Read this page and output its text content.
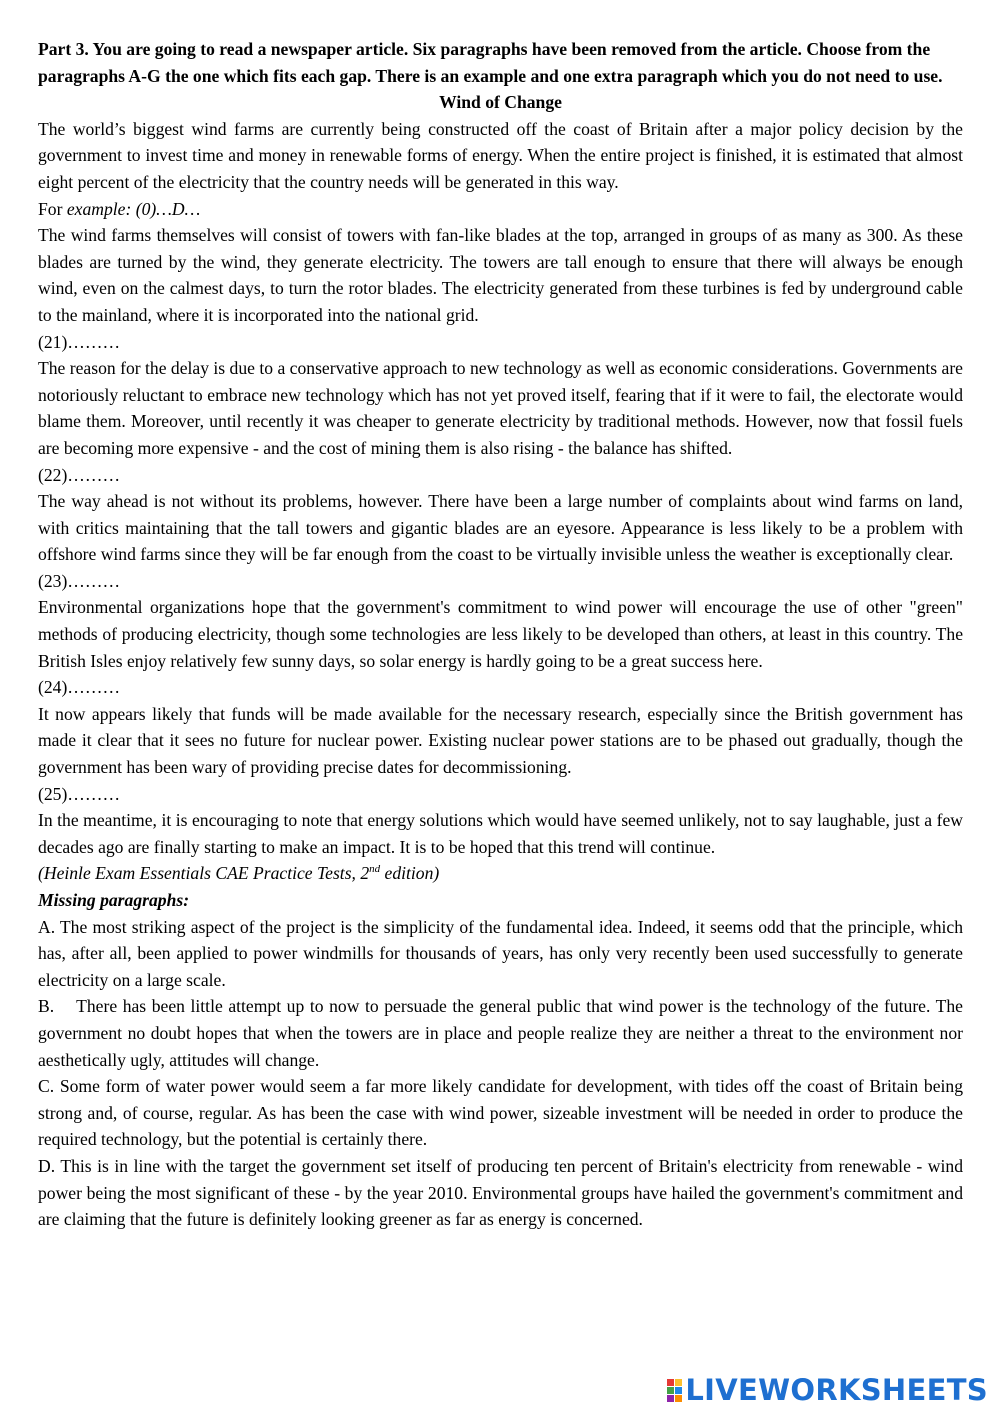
Part 3. You are going to read a newspaper article. Six paragraphs have been removed from the article. Choose from the paragraphs A-G the one which fits each gap. There is an example and one extra paragraph which you do not need to use.
Wind of Change
The world’s biggest wind farms are currently being constructed off the coast of Britain after a major policy decision by the government to invest time and money in renewable forms of energy. When the entire project is finished, it is estimated that almost eight percent of the electricity that the country needs will be generated in this way.
For example: (0)…D…
The wind farms themselves will consist of towers with fan-like blades at the top, arranged in groups of as many as 300. As these blades are turned by the wind, they generate electricity. The towers are tall enough to ensure that there will always be enough wind, even on the calmest days, to turn the rotor blades. The electricity generated from these turbines is fed by underground cable to the mainland, where it is incorporated into the national grid.
(21)………
The reason for the delay is due to a conservative approach to new technology as well as economic considerations. Governments are notoriously reluctant to embrace new technology which has not yet proved itself, fearing that if it were to fail, the electorate would blame them. Moreover, until recently it was cheaper to generate electricity by traditional methods. However, now that fossil fuels are becoming more expensive - and the cost of mining them is also rising - the balance has shifted.
(22)………
The way ahead is not without its problems, however. There have been a large number of complaints about wind farms on land, with critics maintaining that the tall towers and gigantic blades are an eyesore. Appearance is less likely to be a problem with offshore wind farms since they will be far enough from the coast to be virtually invisible unless the weather is exceptionally clear.
(23)………
Environmental organizations hope that the government's commitment to wind power will encourage the use of other "green" methods of producing electricity, though some technologies are less likely to be developed than others, at least in this country. The British Isles enjoy relatively few sunny days, so solar energy is hardly going to be a great success here.
(24)………
It now appears likely that funds will be made available for the necessary research, especially since the British government has made it clear that it sees no future for nuclear power. Existing nuclear power stations are to be phased out gradually, though the government has been wary of providing precise dates for decommissioning.
(25)………
In the meantime, it is encouraging to note that energy solutions which would have seemed unlikely, not to say laughable, just a few decades ago are finally starting to make an impact. It is to be hoped that this trend will continue.
(Heinle Exam Essentials CAE Practice Tests, 2nd edition)
Missing paragraphs:
A. The most striking aspect of the project is the simplicity of the fundamental idea. Indeed, it seems odd that the principle, which has, after all, been applied to power windmills for thousands of years, has only very recently been used successfully to generate electricity on a large scale.
B.    There has been little attempt up to now to persuade the general public that wind power is the technology of the future. The government no doubt hopes that when the towers are in place and people realize they are neither a threat to the environment nor aesthetically ugly, attitudes will change.
C. Some form of water power would seem a far more likely candidate for development, with tides off the coast of Britain being strong and, of course, regular. As has been the case with wind power, sizeable investment will be needed in order to produce the required technology, but the potential is certainly there.
D. This is in line with the target the government set itself of producing ten percent of Britain's electricity from renewable - wind power being the most significant of these - by the year 2010. Environmental groups have hailed the government's commitment and are claiming that the future is definitely looking greener as far as energy is concerned.
LIVEWORKSHEETS
